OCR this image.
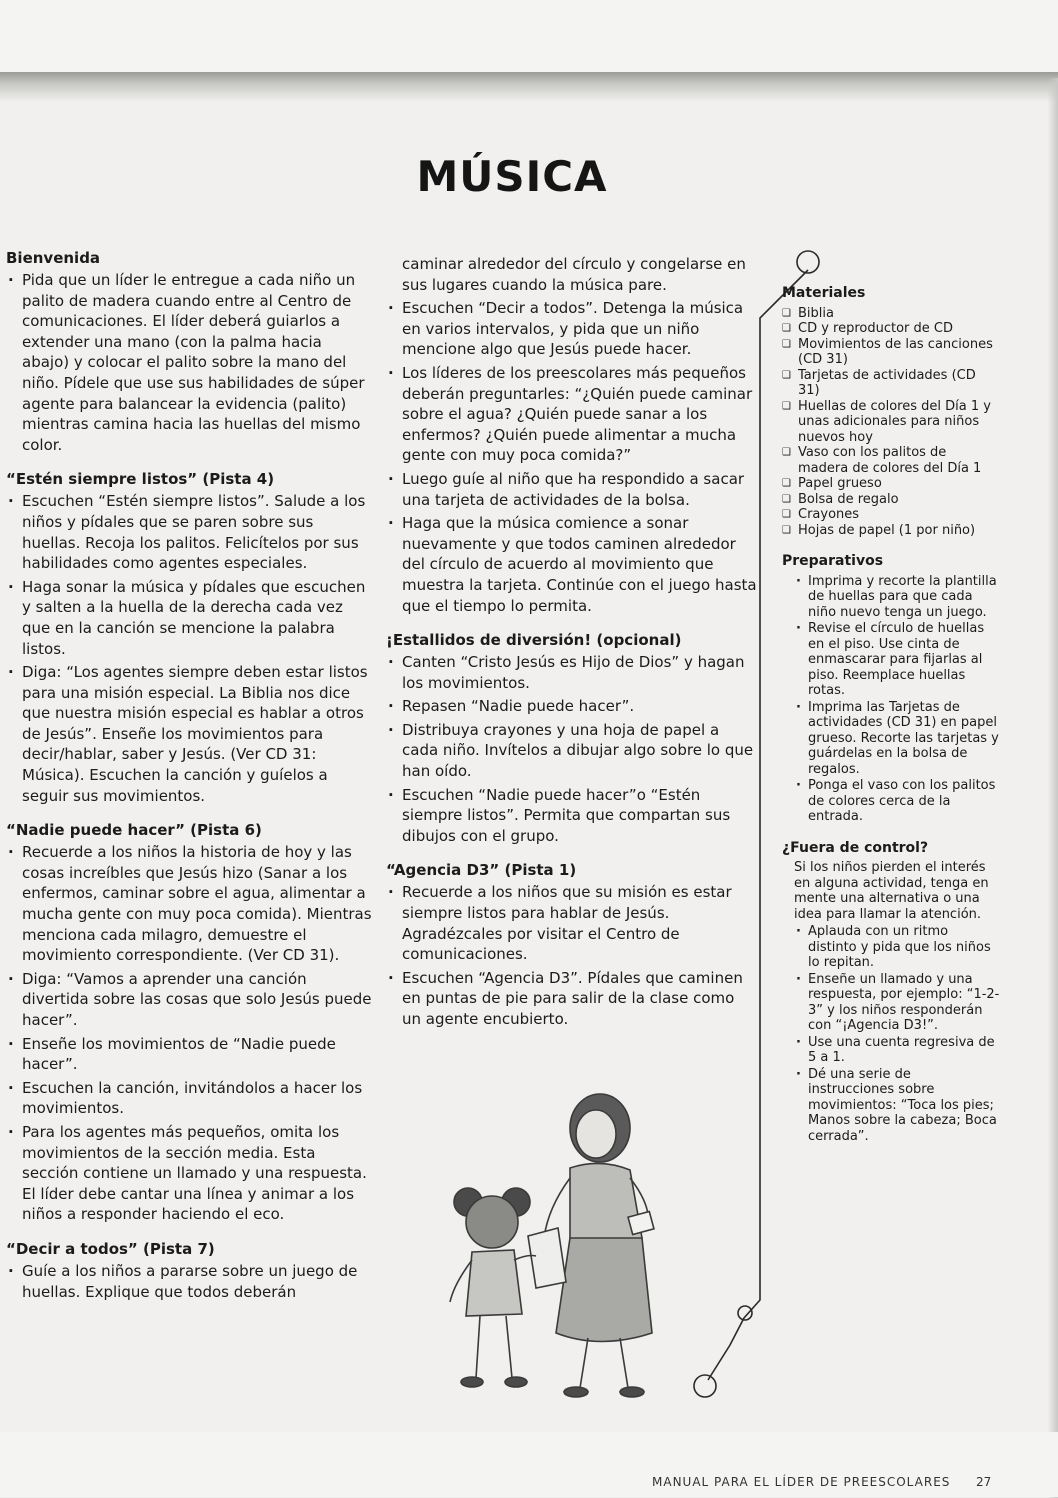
MÚSICA
Bienvenida
· Pida que un líder le entregue a cada niño un palito de madera cuando entre al Centro de comunicaciones. El líder deberá guiarlos a extender una mano (con la palma hacia abajo) y colocar el palito sobre la mano del niño. Pídele que use sus habilidades de súper agente para balancear la evidencia (palito) mientras camina hacia las huellas del mismo color.
“Estén siempre listos” (Pista 4)
· Escuchen “Estén siempre listos”. Salude a los niños y pídales que se paren sobre sus huellas. Recoja los palitos. Felicítelos por sus habilidades como agentes especiales.
· Haga sonar la música y pídales que escuchen y salten a la huella de la derecha cada vez que en la canción se mencione la palabra listos.
· Diga: “Los agentes siempre deben estar listos para una misión especial. La Biblia nos dice que nuestra misión especial es hablar a otros de Jesús”. Enseñe los movimientos para decir/hablar, saber y Jesús. (Ver CD 31: Música). Escuchen la canción y guíelos a seguir sus movimientos.
“Nadie puede hacer” (Pista 6)
· Recuerde a los niños la historia de hoy y las cosas increíbles que Jesús hizo (Sanar a los enfermos, caminar sobre el agua, alimentar a mucha gente con muy poca comida). Mientras menciona cada milagro, demuestre el movimiento correspondiente. (Ver CD 31).
· Diga: “Vamos a aprender una canción divertida sobre las cosas que solo Jesús puede hacer”.
· Enseñe los movimientos de “Nadie puede hacer”.
· Escuchen la canción, invitándolos a hacer los movimientos.
· Para los agentes más pequeños, omita los movimientos de la sección media. Esta sección contiene un llamado y una respuesta. El líder debe cantar una línea y animar a los niños a responder haciendo el eco.
“Decir a todos” (Pista 7)
· Guíe a los niños a pararse sobre un juego de huellas. Explique que todos deberán

caminar alrededor del círculo y congelarse en sus lugares cuando la música pare.

· Escuchen “Decir a todos”. Detenga la música en varios intervalos, y pida que un niño mencione algo que Jesús puede hacer.
· Los líderes de los preescolares más pequeños deberán preguntarles: “¿Quién puede caminar sobre el agua? ¿Quién puede sanar a los enfermos? ¿Quién puede alimentar a mucha gente con muy poca comida?”
· Luego guíe al niño que ha respondido a sacar una tarjeta de actividades de la bolsa.
· Haga que la música comience a sonar nuevamente y que todos caminen alrededor del círculo de acuerdo al movimiento que muestra la tarjeta. Continúe con el juego hasta que el tiempo lo permita.
¡Estallidos de diversión! (opcional)
· Canten “Cristo Jesús es Hijo de Dios” y hagan los movimientos.
· Repasen “Nadie puede hacer”.
· Distribuya crayones y una hoja de papel a cada niño. Invítelos a dibujar algo sobre lo que han oído.
· Escuchen “Nadie puede hacer”o “Estén siempre listos”. Permita que compartan sus dibujos con el grupo.
“Agencia D3” (Pista 1)
· Recuerde a los niños que su misión es estar siempre listos para hablar de Jesús. Agradézcales por visitar el Centro de comunicaciones.
· Escuchen “Agencia D3”. Pídales que caminen en puntas de pie para salir de la clase como un agente encubierto.
Materiales
❑ Biblia
❑ CD y reproductor de CD
❑ Movimientos de las canciones (CD 31)
❑ Tarjetas de actividades (CD 31)
❑ Huellas de colores del Día 1 y unas adicionales para niños nuevos hoy
❑ Vaso con los palitos de madera de colores del Día 1
❑ Papel grueso
❑ Bolsa de regalo
❑ Crayones
❑ Hojas de papel (1 por niño)
Preparativos
· Imprima y recorte la plantilla de huellas para que cada niño nuevo tenga un juego.
· Revise el círculo de huellas en el piso. Use cinta de enmascarar para fijarlas al piso. Reemplace huellas rotas.
· Imprima las Tarjetas de actividades (CD 31) en papel grueso. Recorte las tarjetas y guárdelas en la bolsa de regalos.
· Ponga el vaso con los palitos de colores cerca de la entrada.
¿Fuera de control?

Si los niños pierden el interés en alguna actividad, tenga en mente una alternativa o una idea para llamar la atención.

· Aplauda con un ritmo distinto y pida que los niños lo repitan.
· Enseñe un llamado y una respuesta, por ejemplo: “1-2-3” y los niños responderán con “¡Agencia D3!”.
· Use una cuenta regresiva de 5 a 1.
· Dé una serie de instrucciones sobre movimientos: “Toca los pies; Manos sobre la cabeza; Boca cerrada”.
MANUAL PARA EL LÍDER DE PREESCOLARES 27
